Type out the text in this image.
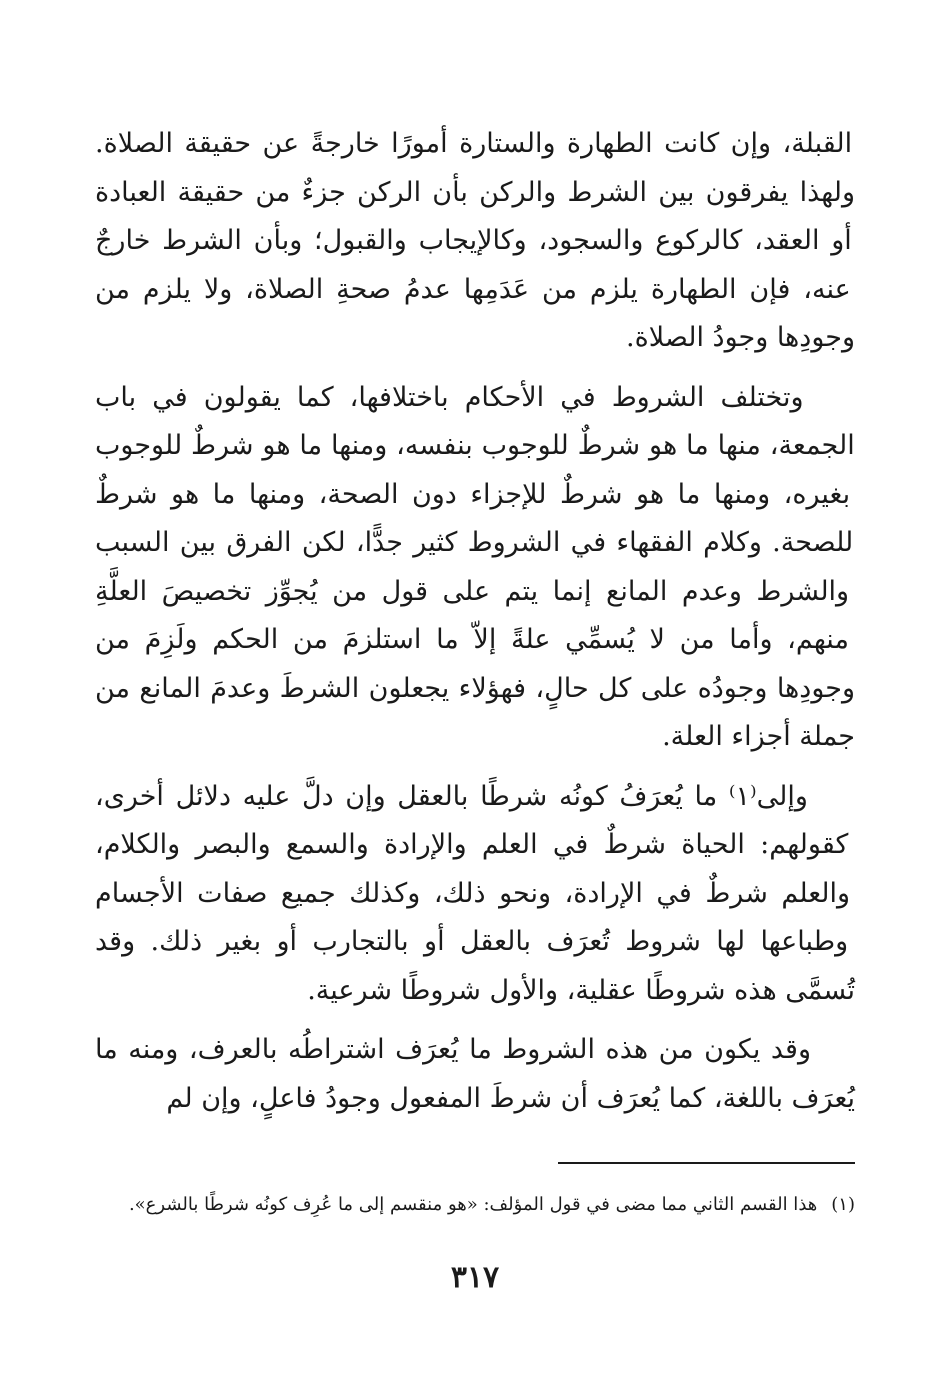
القبلة، وإن كانت الطهارة والستارة أمورًا خارجةً عن حقيقة الصلاة. ولهذا يفرقون بين الشرط والركن بأن الركن جزءٌ من حقيقة العبادة أو العقد، كالركوع والسجود، وكالإيجاب والقبول؛ وبأن الشرط خارجٌ عنه، فإن الطهارة يلزم من عَدَمِها عدمُ صحةِ الصلاة، ولا يلزم من وجودِها وجودُ الصلاة.

وتختلف الشروط في الأحكام باختلافها، كما يقولون في باب الجمعة، منها ما هو شرطٌ للوجوب بنفسه، ومنها ما هو شرطٌ للوجوب بغيره، ومنها ما هو شرطٌ للإجزاء دون الصحة، ومنها ما هو شرطٌ للصحة. وكلام الفقهاء في الشروط كثير جدًّا، لكن الفرق بين السبب والشرط وعدم المانع إنما يتم على قول من يُجوِّز تخصيصَ العلَّةِ منهم، وأما من لا يُسمِّي علةً إلاّ ما استلزمَ من الحكم ولَزِمَ من وجودِها وجودُه على كل حالٍ، فهؤلاء يجعلون الشرطَ وعدمَ المانع من جملة أجزاء العلة.

وإلى⁽١⁾ ما يُعرَفُ كونُه شرطًا بالعقل وإن دلَّ عليه دلائل أخرى، كقولهم: الحياة شرطٌ في العلم والإرادة والسمع والبصر والكلام، والعلم شرطٌ في الإرادة، ونحو ذلك، وكذلك جميع صفات الأجسام وطباعها لها شروط تُعرَف بالعقل أو بالتجارب أو بغير ذلك. وقد تُسمَّى هذه شروطًا عقلية، والأول شروطًا شرعية.

وقد يكون من هذه الشروط ما يُعرَف اشتراطُه بالعرف، ومنه ما يُعرَف باللغة، كما يُعرَف أن شرطَ المفعول وجودُ فاعلٍ، وإن لم

(١)
هذا القسم الثاني مما مضى في قول المؤلف: «هو منقسم إلى ما عُرِف كونُه شرطًا بالشرع».
٣١٧
